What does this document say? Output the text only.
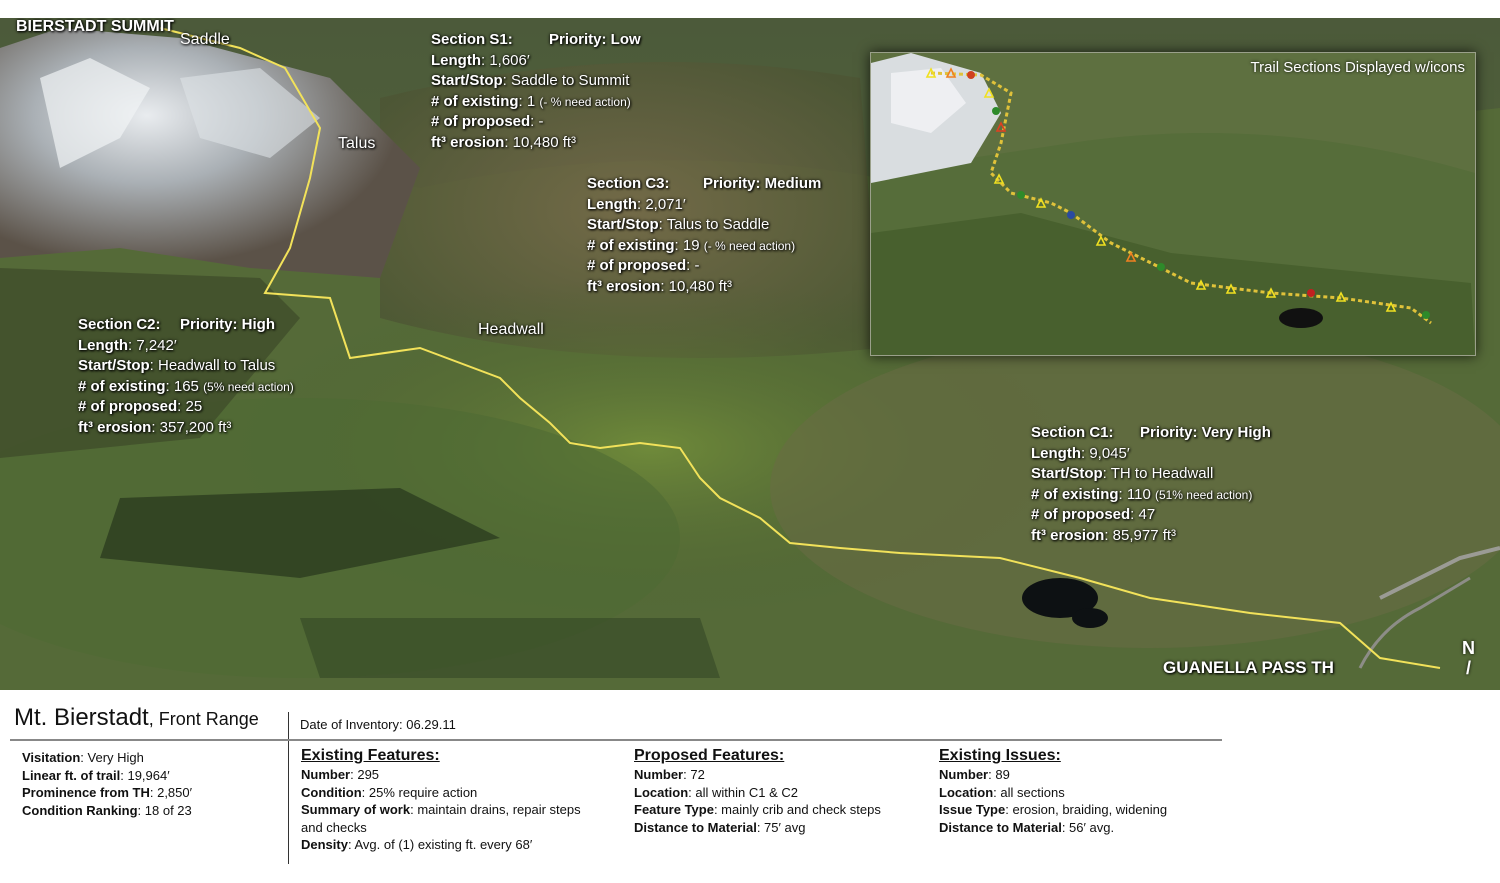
BIERSTADT SUMMIT
Saddle
Talus
Headwall
GUANELLA PASS TH
Section S1: Priority: Low
Length: 1,606′
Start/Stop: Saddle to Summit
# of existing: 1 (- % need action)
# of proposed: -
ft³ erosion: 10,480 ft³
Section C3: Priority: Medium
Length: 2,071′
Start/Stop: Talus to Saddle
# of existing: 19 (- % need action)
# of proposed: -
ft³ erosion: 10,480 ft³
Section C2: Priority: High
Length: 7,242′
Start/Stop: Headwall to Talus
# of existing: 165 (5% need action)
# of proposed: 25
ft³ erosion: 357,200 ft³	Section C1: Priority: Very High
Length: 9,045′
Start/Stop: TH to Headwall
# of existing: 110 (51% need action)
# of proposed: 47
ft³ erosion: 85,977 ft³
Trail Sections Displayed w/icons
N
/
Mt. Bierstadt, Front Range	Date of Inventory: 06.29.11
Visitation: Very High
Linear ft. of trail: 19,964′
Prominence from TH: 2,850′
Condition Ranking: 18 of 23
Existing Features:
Number: 295
Condition: 25% require action
Summary of work: maintain drains, repair steps
and checks
Density: Avg. of (1) existing ft. every 68′
Proposed Features:
Number: 72
Location: all within C1 & C2
Feature Type: mainly crib and check steps
Distance to Material: 75′ avg
Existing Issues:
Number: 89
Location: all sections
Issue Type: erosion, braiding, widening
Distance to Material: 56′ avg.
